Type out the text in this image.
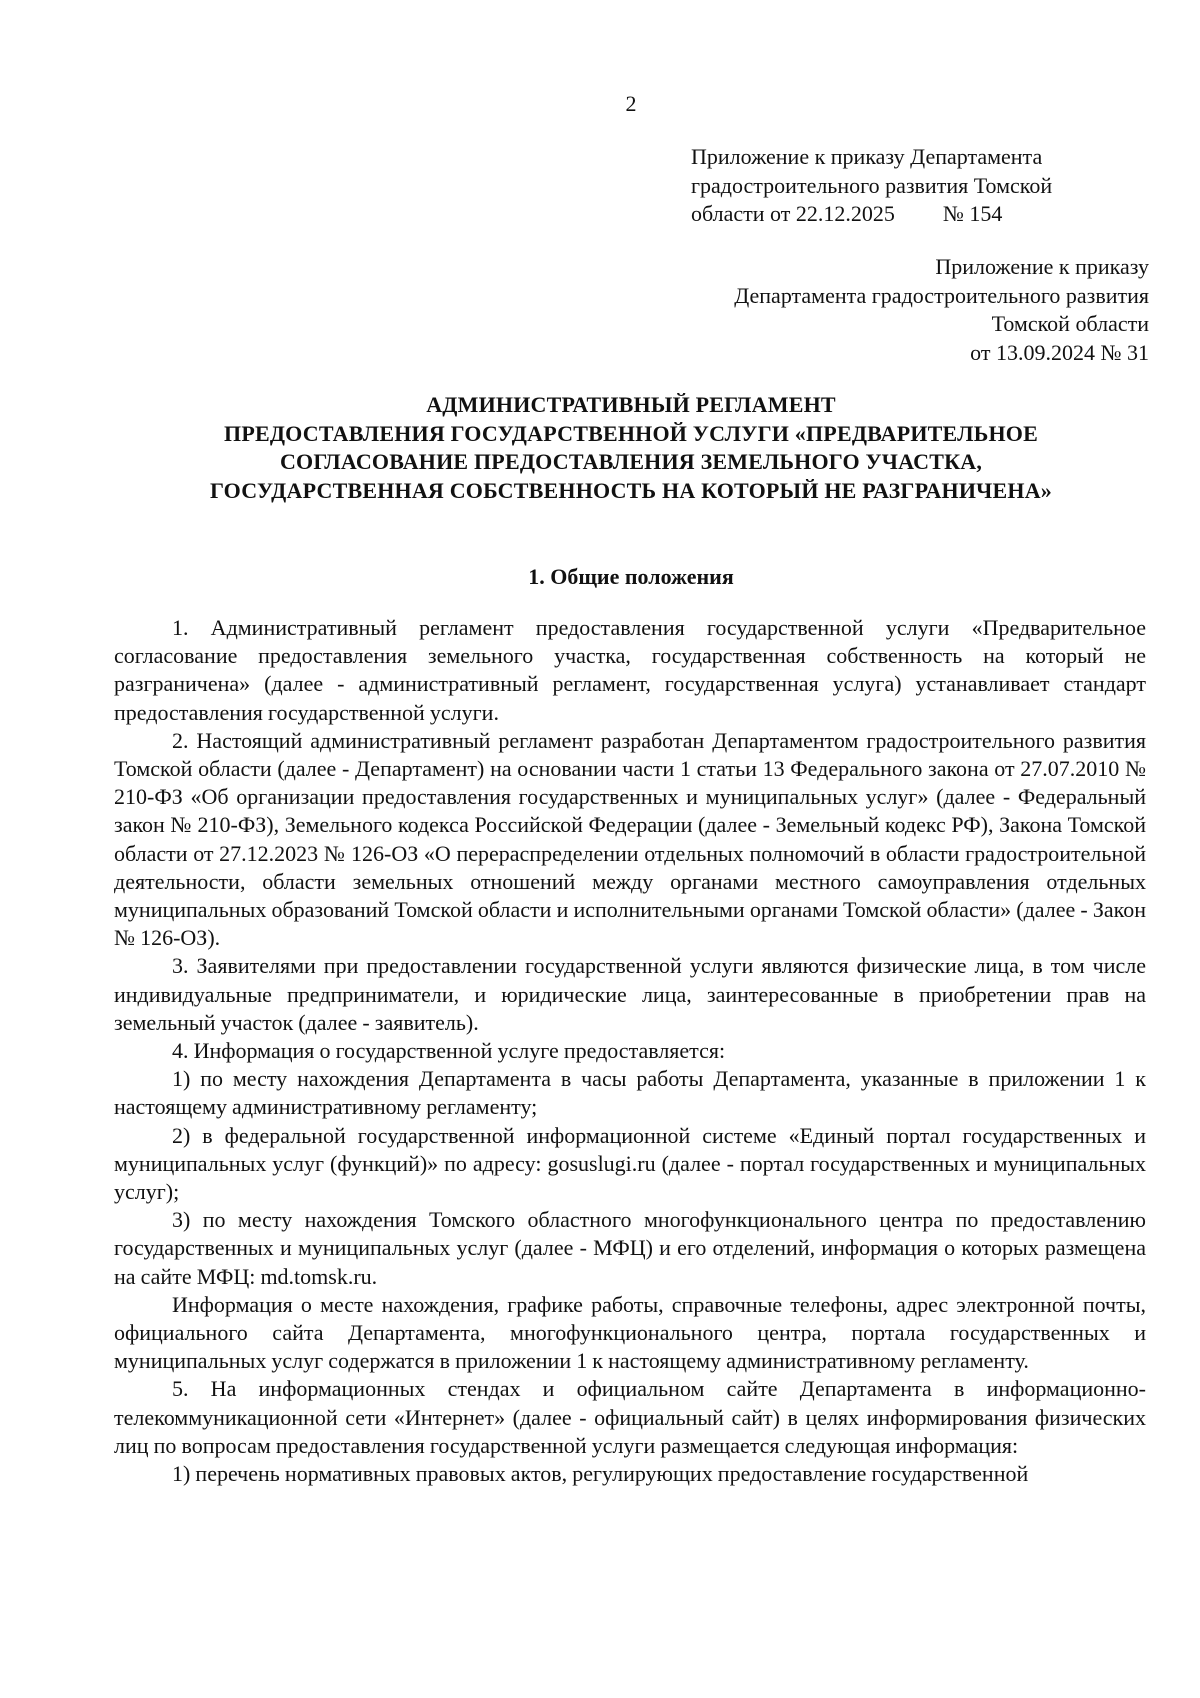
2
Приложение к приказу Департамента
градостроительного развития Томской
области от 22.12.2025 № 154
Приложение к приказу
Департамента градостроительного развития
Томской области
от 13.09.2024 № 31
АДМИНИСТРАТИВНЫЙ РЕГЛАМЕНТ
ПРЕДОСТАВЛЕНИЯ ГОСУДАРСТВЕННОЙ УСЛУГИ «ПРЕДВАРИТЕЛЬНОЕ
СОГЛАСОВАНИЕ ПРЕДОСТАВЛЕНИЯ ЗЕМЕЛЬНОГО УЧАСТКА,
ГОСУДАРСТВЕННАЯ СОБСТВЕННОСТЬ НА КОТОРЫЙ НЕ РАЗГРАНИЧЕНА»
1. Общие положения

1. Административный регламент предоставления государственной услуги «Предварительное согласование предоставления земельного участка, государственная собственность на который не разграничена» (далее - административный регламент, государственная услуга) устанавливает стандарт предоставления государственной услуги.

2. Настоящий административный регламент разработан Департаментом градостроительного развития Томской области (далее - Департамент) на основании части 1 статьи 13 Федерального закона от 27.07.2010 № 210-ФЗ «Об организации предоставления государственных и муниципальных услуг» (далее - Федеральный закон № 210-ФЗ), Земельного кодекса Российской Федерации (далее - Земельный кодекс РФ), Закона Томской области от 27.12.2023 № 126-ОЗ «О перераспределении отдельных полномочий в области градостроительной деятельности, области земельных отношений между органами местного самоуправления отдельных муниципальных образований Томской области и исполнительными органами Томской области» (далее - Закон № 126-ОЗ).

3. Заявителями при предоставлении государственной услуги являются физические лица, в том числе индивидуальные предприниматели, и юридические лица, заинтересованные в приобретении прав на земельный участок (далее - заявитель).

4. Информация о государственной услуге предоставляется:

1) по месту нахождения Департамента в часы работы Департамента, указанные в приложении 1 к настоящему административному регламенту;

2) в федеральной государственной информационной системе «Единый портал государственных и муниципальных услуг (функций)» по адресу: gosuslugi.ru (далее - портал государственных и муниципальных услуг);

3) по месту нахождения Томского областного многофункционального центра по предоставлению государственных и муниципальных услуг (далее - МФЦ) и его отделений, информация о которых размещена на сайте МФЦ: md.tomsk.ru.

Информация о месте нахождения, графике работы, справочные телефоны, адрес электронной почты, официального сайта Департамента, многофункционального центра, портала государственных и муниципальных услуг содержатся в приложении 1 к настоящему административному регламенту.

5. На информационных стендах и официальном сайте Департамента в информационно-телекоммуникационной сети «Интернет» (далее - официальный сайт) в целях информирования физических лиц по вопросам предоставления государственной услуги размещается следующая информация:

1) перечень нормативных правовых актов, регулирующих предоставление государственной
